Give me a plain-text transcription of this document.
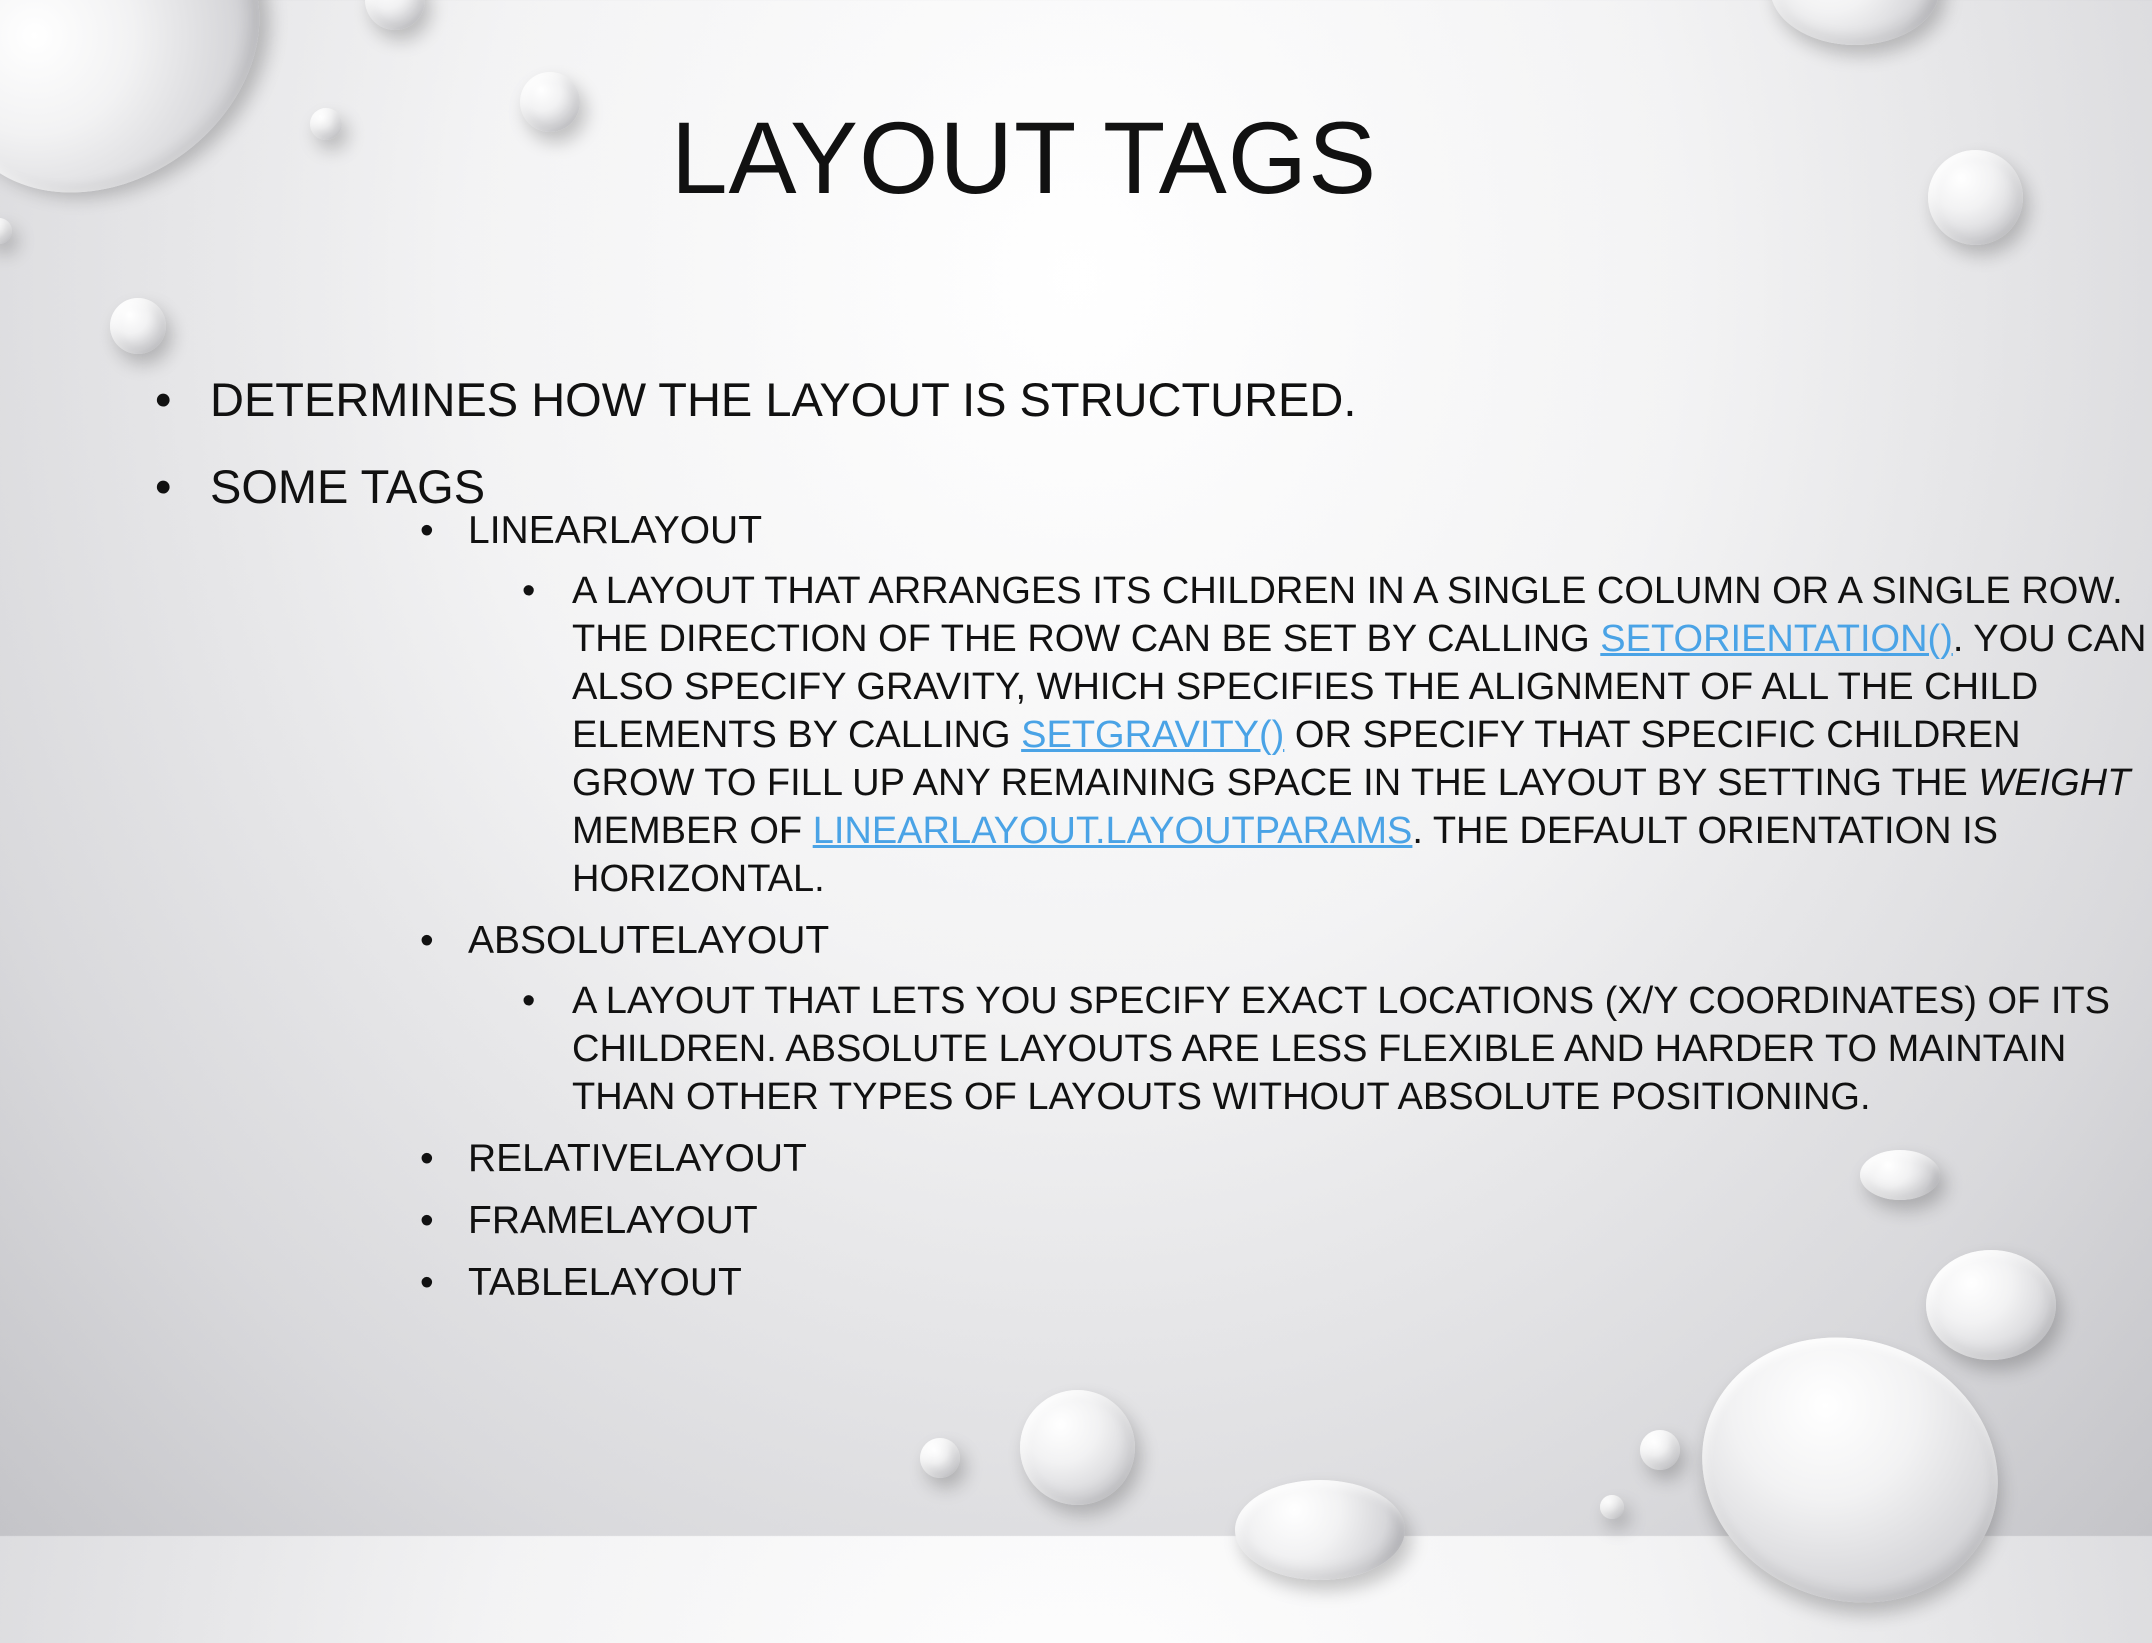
LAYOUT TAGS
• DETERMINES HOW THE LAYOUT IS STRUCTURED.
• SOME TAGS
• LINEARLAYOUT
• A LAYOUT THAT ARRANGES ITS CHILDREN IN A SINGLE COLUMN OR A SINGLE ROW. THE DIRECTION OF THE ROW CAN BE SET BY CALLING SETORIENTATION(). YOU CAN ALSO SPECIFY GRAVITY, WHICH SPECIFIES THE ALIGNMENT OF ALL THE CHILD ELEMENTS BY CALLING SETGRAVITY() OR SPECIFY THAT SPECIFIC CHILDREN GROW TO FILL UP ANY REMAINING SPACE IN THE LAYOUT BY SETTING THE WEIGHT MEMBER OF LINEARLAYOUT.LAYOUTPARAMS. THE DEFAULT ORIENTATION IS HORIZONTAL.
• ABSOLUTELAYOUT
• A LAYOUT THAT LETS YOU SPECIFY EXACT LOCATIONS (X/Y COORDINATES) OF ITS CHILDREN. ABSOLUTE LAYOUTS ARE LESS FLEXIBLE AND HARDER TO MAINTAIN THAN OTHER TYPES OF LAYOUTS WITHOUT ABSOLUTE POSITIONING.
• RELATIVELAYOUT
• FRAMELAYOUT
• TABLELAYOUT
